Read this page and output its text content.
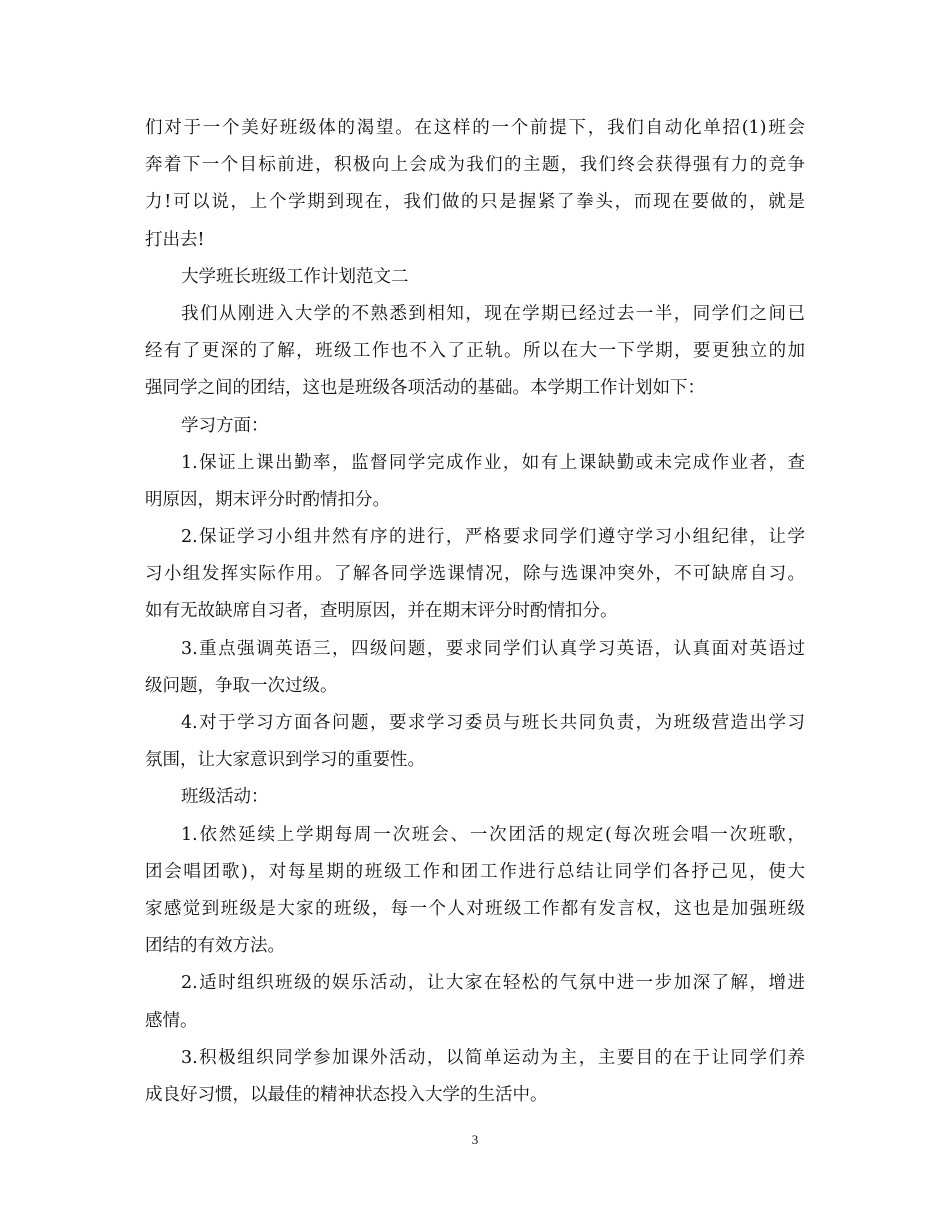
们对于一个美好班级体的渴望。在这样的一个前提下，我们自动化单招(1)班会

奔着下一个目标前进，积极向上会成为我们的主题，我们终会获得强有力的竞争

力!可以说，上个学期到现在，我们做的只是握紧了拳头，而现在要做的，就是

打出去!

大学班长班级工作计划范文二

我们从刚进入大学的不熟悉到相知，现在学期已经过去一半，同学们之间已

经有了更深的了解，班级工作也不入了正轨。所以在大一下学期，要更独立的加

强同学之间的团结，这也是班级各项活动的基础。本学期工作计划如下：

学习方面：

1.保证上课出勤率，监督同学完成作业，如有上课缺勤或未完成作业者，查

明原因，期末评分时酌情扣分。

2.保证学习小组井然有序的进行，严格要求同学们遵守学习小组纪律，让学

习小组发挥实际作用。了解各同学选课情况，除与选课冲突外，不可缺席自习。

如有无故缺席自习者，查明原因，并在期末评分时酌情扣分。

3.重点强调英语三，四级问题，要求同学们认真学习英语，认真面对英语过

级问题，争取一次过级。

4.对于学习方面各问题，要求学习委员与班长共同负责，为班级营造出学习

氛围，让大家意识到学习的重要性。

班级活动：

1.依然延续上学期每周一次班会、一次团活的规定(每次班会唱一次班歌，

团会唱团歌)，对每星期的班级工作和团工作进行总结让同学们各抒己见，使大

家感觉到班级是大家的班级，每一个人对班级工作都有发言权，这也是加强班级

团结的有效方法。

2.适时组织班级的娱乐活动，让大家在轻松的气氛中进一步加深了解，增进

感情。

3.积极组织同学参加课外活动，以简单运动为主，主要目的在于让同学们养

成良好习惯，以最佳的精神状态投入大学的生活中。

3
